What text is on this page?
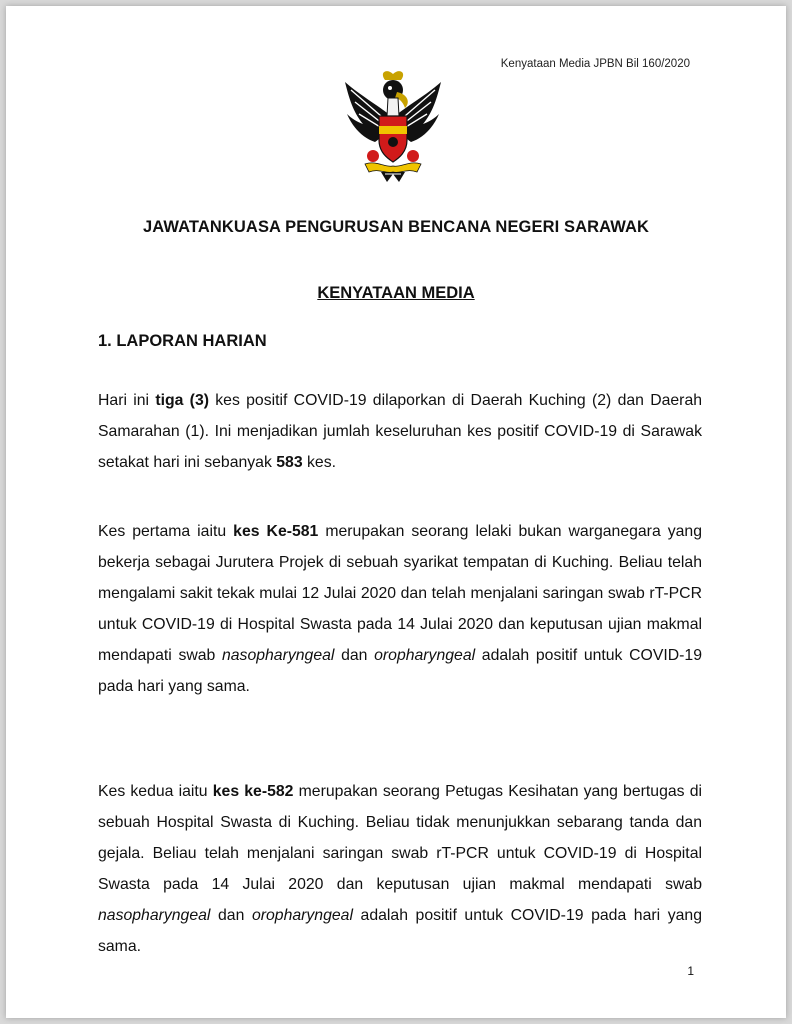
Kenyataan Media JPBN Bil 160/2020
JAWATANKUASA PENGURUSAN BENCANA NEGERI SARAWAK
KENYATAAN MEDIA
1. LAPORAN HARIAN
Hari ini tiga (3) kes positif COVID-19 dilaporkan di Daerah Kuching (2) dan Daerah Samarahan (1). Ini menjadikan jumlah keseluruhan kes positif COVID-19 di Sarawak setakat hari ini sebanyak 583 kes.
Kes pertama iaitu kes Ke-581 merupakan seorang lelaki bukan warganegara yang bekerja sebagai Jurutera Projek di sebuah syarikat tempatan di Kuching. Beliau telah mengalami sakit tekak mulai 12 Julai 2020 dan telah menjalani saringan swab rT-PCR untuk COVID-19 di Hospital Swasta pada 14 Julai 2020 dan keputusan ujian makmal mendapati swab nasopharyngeal dan oropharyngeal adalah positif untuk COVID-19 pada hari yang sama.
Kes kedua iaitu kes ke-582 merupakan seorang Petugas Kesihatan yang bertugas di sebuah Hospital Swasta di Kuching. Beliau tidak menunjukkan sebarang tanda dan gejala. Beliau telah menjalani saringan swab rT-PCR untuk COVID-19 di Hospital Swasta pada 14 Julai 2020 dan keputusan ujian makmal mendapati swab nasopharyngeal dan oropharyngeal adalah positif untuk COVID-19 pada hari yang sama.
1
